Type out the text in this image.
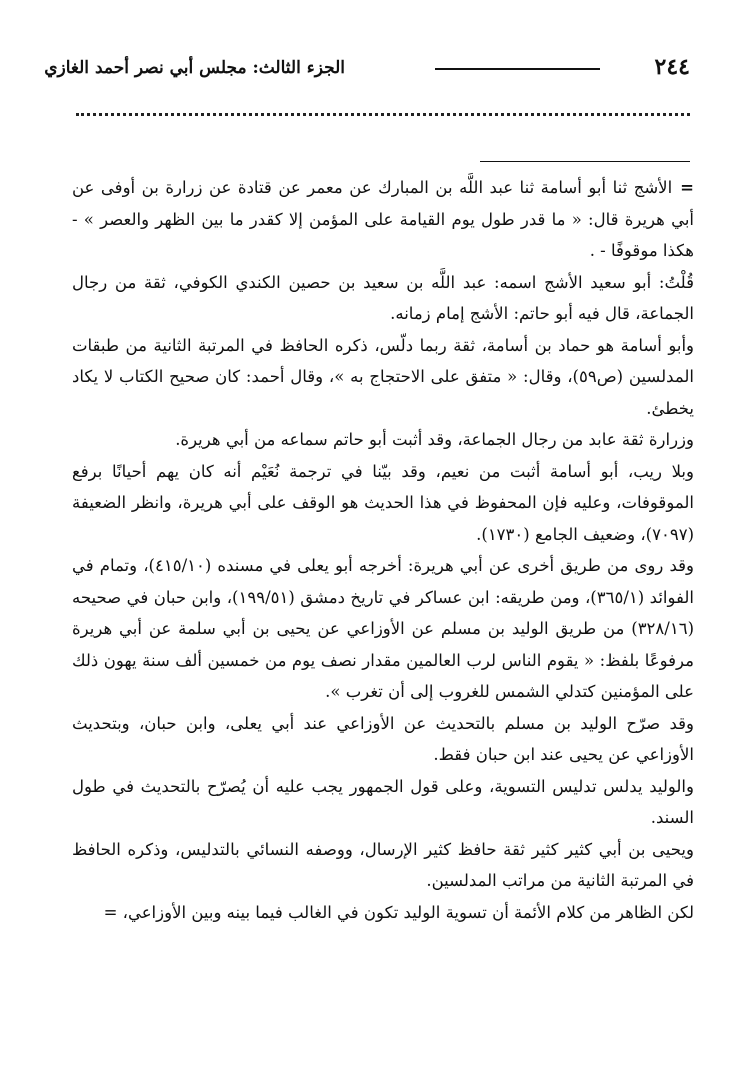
٢٤٤
الجزء الثالث: مجلس أبي نصر أحمد الغازي

=الأشج ثنا أبو أسامة ثنا عبد اللَّه بن المبارك عن معمر عن قتادة عن زرارة بن أوفى عن أبي هريرة قال: « ما قدر طول يوم القيامة على المؤمن إلا كقدر ما بين الظهر والعصر » - هكذا موقوفًا - .

قُلْتُ: أبو سعيد الأشج اسمه: عبد اللَّه بن سعيد بن حصين الكندي الكوفي، ثقة من رجال الجماعة، قال فيه أبو حاتم: الأشج إمام زمانه.

وأبو أسامة هو حماد بن أسامة، ثقة ربما دلّس، ذكره الحافظ في المرتبة الثانية من طبقات المدلسين (ص٥٩)، وقال: « متفق على الاحتجاج به »، وقال أحمد: كان صحيح الكتاب لا يكاد يخطئ.

وزرارة ثقة عابد من رجال الجماعة، وقد أثبت أبو حاتم سماعه من أبي هريرة.

وبلا ريب، أبو أسامة أثبت من نعيم، وقد بيّنا في ترجمة نُعَيْم أنه كان يهم أحيانًا برفع الموقوفات، وعليه فإن المحفوظ في هذا الحديث هو الوقف على أبي هريرة، وانظر الضعيفة (٧٠٩٧)، وضعيف الجامع (١٧٣٠).

وقد روى من طريق أخرى عن أبي هريرة: أخرجه أبو يعلى في مسنده (٤١٥/١٠)، وتمام في الفوائد (٣٦٥/١)، ومن طريقه: ابن عساكر في تاريخ دمشق (١٩٩/٥١)، وابن حبان في صحيحه (٣٢٨/١٦) من طريق الوليد بن مسلم عن الأوزاعي عن يحيى بن أبي سلمة عن أبي هريرة مرفوعًا بلفظ: « يقوم الناس لرب العالمين مقدار نصف يوم من خمسين ألف سنة يهون ذلك على المؤمنين كتدلي الشمس للغروب إلى أن تغرب ».

وقد صرّح الوليد بن مسلم بالتحديث عن الأوزاعي عند أبي يعلى، وابن حبان، وبتحديث الأوزاعي عن يحيى عند ابن حبان فقط.

والوليد يدلس تدليس التسوية، وعلى قول الجمهور يجب عليه أن يُصرّح بالتحديث في طول السند.

ويحيى بن أبي كثير كثير ثقة حافظ كثير الإرسال، ووصفه النسائي بالتدليس، وذكره الحافظ في المرتبة الثانية من مراتب المدلسين.

لكن الظاهر من كلام الأئمة أن تسوية الوليد تكون في الغالب فيما بينه وبين الأوزاعي، =
